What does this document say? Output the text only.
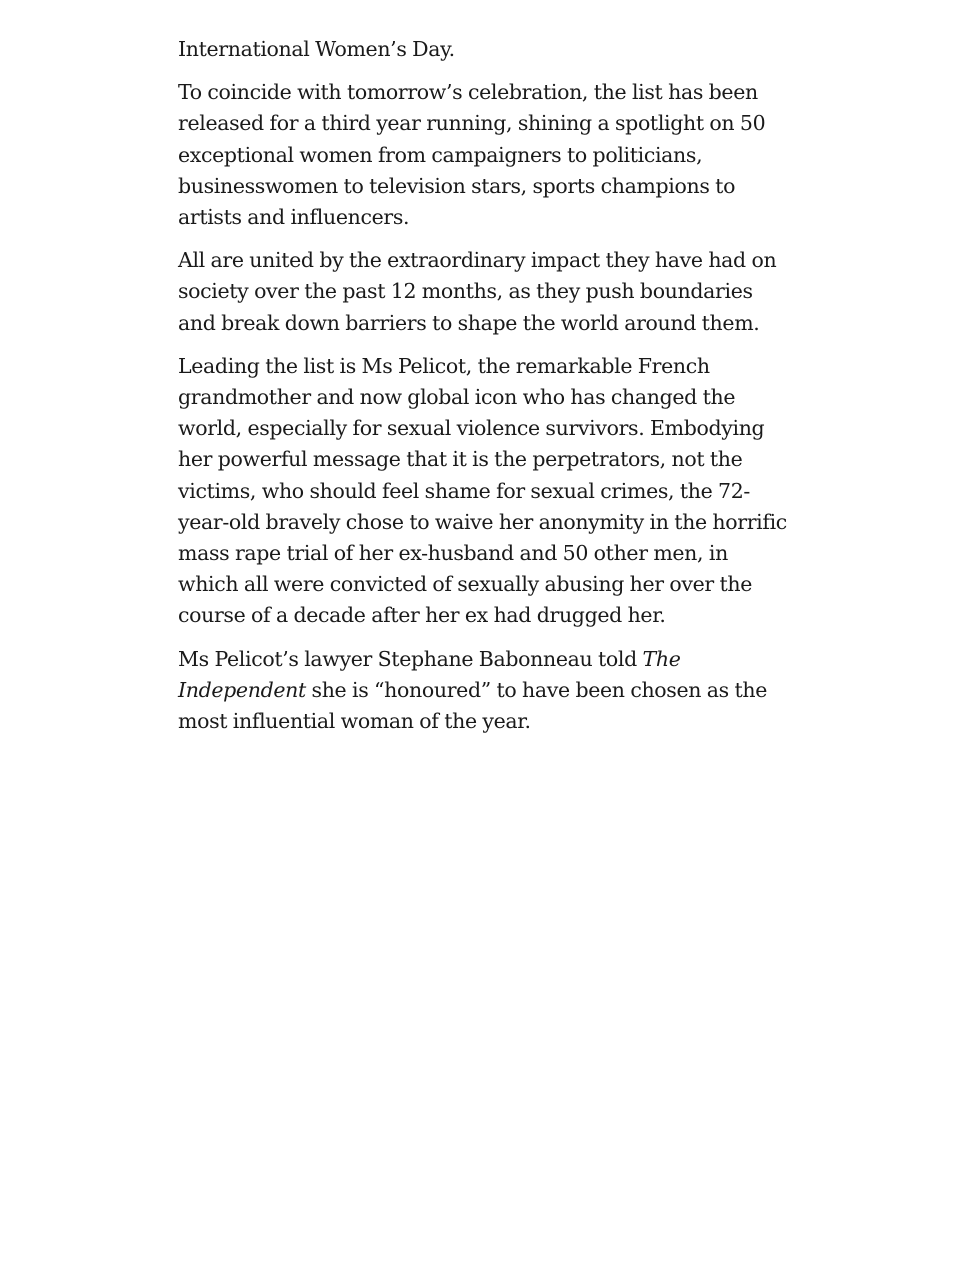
International Women’s Day.

To coincide with tomorrow’s celebration, the list has been released for a third year running, shining a spotlight on 50 exceptional women from campaigners to politicians, businesswomen to television stars, sports champions to artists and influencers.

All are united by the extraordinary impact they have had on society over the past 12 months, as they push boundaries and break down barriers to shape the world around them.

Leading the list is Ms Pelicot, the remarkable French grandmother and now global icon who has changed the world, especially for sexual violence survivors. Embodying her powerful message that it is the perpetrators, not the victims, who should feel shame for sexual crimes, the 72-year-old bravely chose to waive her anonymity in the horrific mass rape trial of her ex-husband and 50 other men, in which all were convicted of sexually abusing her over the course of a decade after her ex had drugged her.

Ms Pelicot’s lawyer Stephane Babonneau told The Independent she is “honoured” to have been chosen as the most influential woman of the year.
